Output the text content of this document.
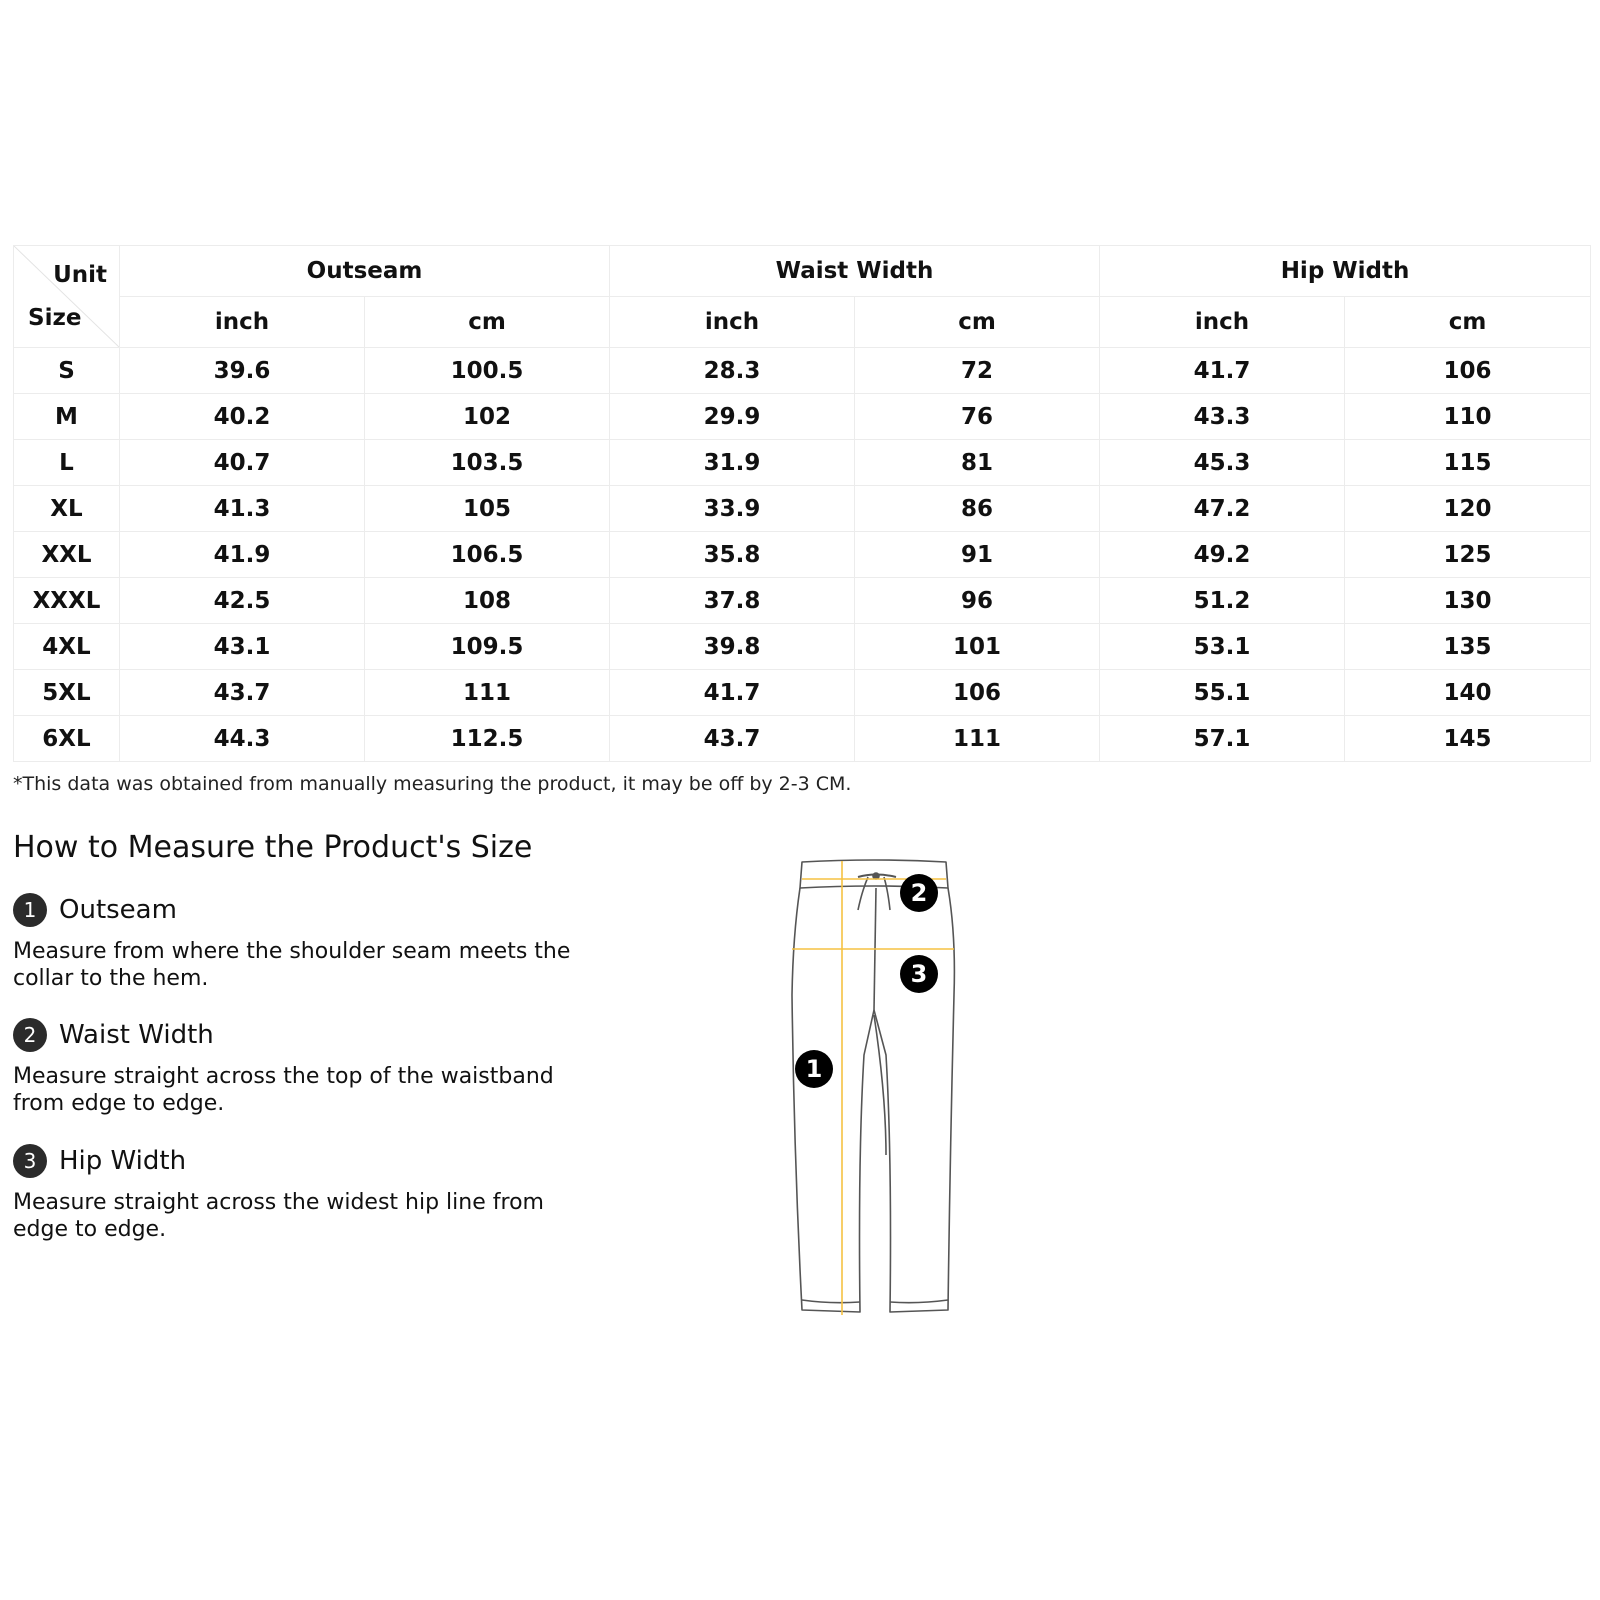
Unit
Size	Outseam		Waist Width		Hip Width	
	inch	cm	inch	cm	inch	cm
S	39.6	100.5	28.3	72	41.7	106
M	40.2	102	29.9	76	43.3	110
L	40.7	103.5	31.9	81	45.3	115
XL	41.3	105	33.9	86	47.2	120
XXL	41.9	106.5	35.8	91	49.2	125
XXXL	42.5	108	37.8	96	51.2	130
4XL	43.1	109.5	39.8	101	53.1	135
5XL	43.7	111	41.7	106	55.1	140
6XL	44.3	112.5	43.7	111	57.1	145
*This data was obtained from manually measuring the product, it may be off by 2-3 CM.
How to Measure the Product's Size
1 Outseam
Measure from where the shoulder seam meets the collar to the hem.
2 Waist Width
Measure straight across the top of the waistband from edge to edge.
3 Hip Width
Measure straight across the widest hip line from edge to edge.
2
3
1
